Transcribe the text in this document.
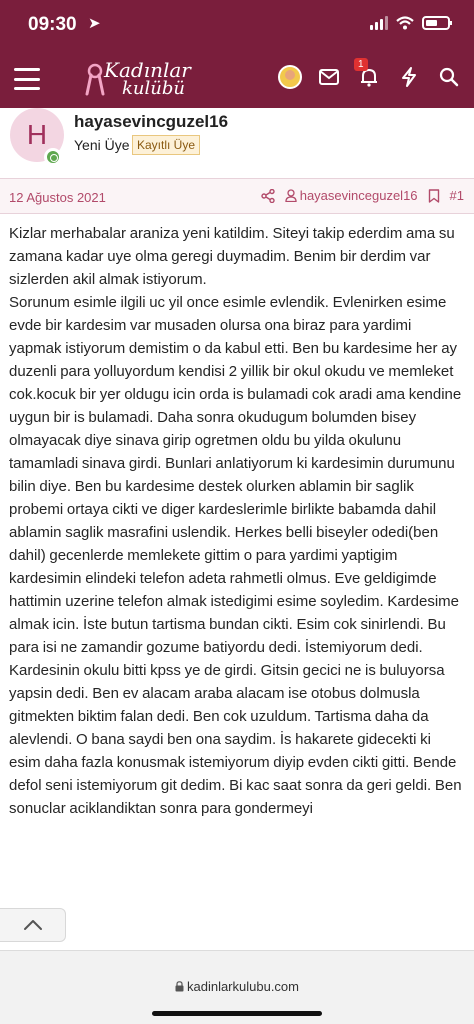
09:30 ➤
Kadınlar
kulübü
1
H	hayasevincguzel16
Yeni Üye Kayıtlı Üye
12 Ağustos 2021	hayasevinceguzel16 #1
Kizlar merhabalar araniza yeni katildim. Siteyi takip ederdim ama su zamana kadar uye olma geregi duymadim. Benim bir derdim var sizlerden akil almak istiyorum.
Sorunum esimle ilgili uc yil once esimle evlendik. Evlenirken esime evde bir kardesim var musaden olursa ona biraz para yardimi yapmak istiyorum demistim o da kabul etti. Ben bu kardesime her ay duzenli para yolluyordum kendisi 2 yillik bir okul okudu ve memleket cok.kocuk bir yer oldugu icin orda is bulamadi cok aradi ama kendine uygun bir is bulamadi. Daha sonra okudugum bolumden bisey olmayacak diye sinava girip ogretmen oldu bu yilda okulunu tamamladi sinava girdi. Bunlari anlatiyorum ki kardesimin durumunu bilin diye. Ben bu kardesime destek olurken ablamin bir saglik probemi ortaya cikti ve diger kardeslerimle birlikte babamda dahil ablamin saglik masrafini uslendik. Herkes belli biseyler odedi(ben dahil) gecenlerde memlekete gittim o para yardimi yaptigim kardesimin elindeki telefon adeta rahmetli olmus. Eve geldigimde hattimin uzerine telefon almak istedigimi esime soyledim. Kardesime almak icin. İste butun tartisma bundan cikti. Esim cok sinirlendi. Bu para isi ne zamandir gozume batiyordu dedi. İstemiyorum dedi. Kardesinin okulu bitti kpss ye de girdi. Gitsin gecici ne is buluyorsa yapsin dedi. Ben ev alacam araba alacam ise otobus dolmusla gitmekten biktim falan dedi. Ben cok uzuldum. Tartisma daha da alevlendi. O bana saydi ben ona saydim. İs hakarete gidecekti ki esim daha fazla konusmak istemiyorum diyip evden cikti gitti. Bende defol seni istemiyorum git dedim. Bi kac saat sonra da geri geldi. Ben sonuclar aciklandiktan sonra para gondermeyi
kadinlarkulubu.com
